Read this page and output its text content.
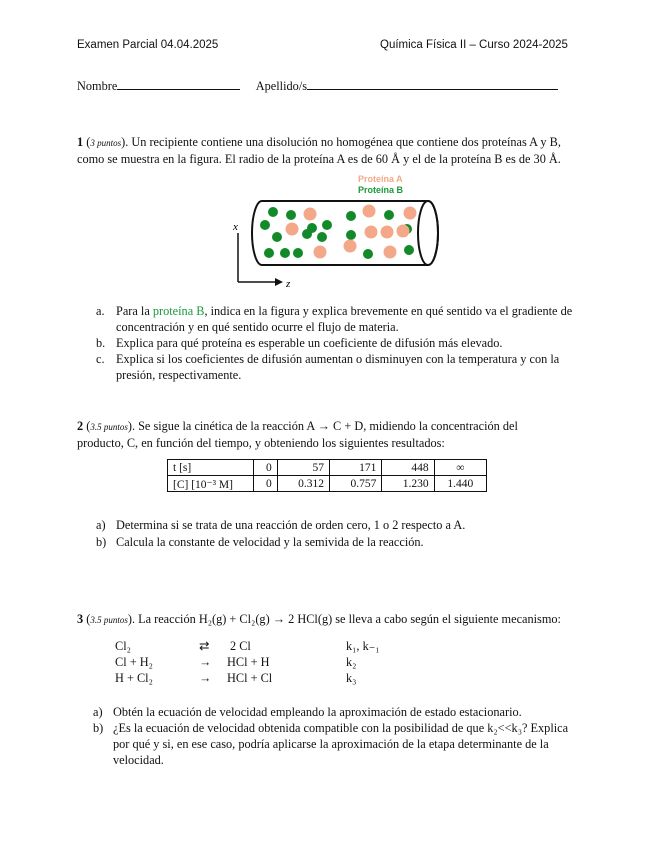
Examen Parcial 04.04.2025	Química Física II – Curso 2024-2025
Nombre	Apellido/s
1 (3 puntos). Un recipiente contiene una disolución no homogénea que contiene dos proteínas A y B,
como se muestra en la figura. El radio de la proteína A es de 60 Å y el de la proteína B es de 30 Å.
Proteína A
Proteína B
x
z
a. Para la proteína B, indica en la figura y explica brevemente en qué sentido va el gradiente de
concentración y en qué sentido ocurre el flujo de materia.
b. Explica para qué proteína es esperable un coeficiente de difusión más elevado.
c. Explica si los coeficientes de difusión aumentan o disminuyen con la temperatura y con la
presión, respectivamente.
2 (3.5 puntos). Se sigue la cinética de la reacción A → C + D, midiendo la concentración del
producto, C, en función del tiempo, y obteniendo los siguientes resultados:
t [s]	0	57	171	448	∞
[C] [10⁻³ M]	0	0.312	0.757	1.230	1.440
a) Determina si se trata de una reacción de orden cero, 1 o 2 respecto a A.
b) Calcula la constante de velocidad y la semivida de la reacción.
3 (3.5 puntos). La reacción H₂(g) + Cl₂(g) → 2 HCl(g) se lleva a cabo según el siguiente mecanismo:
Cl₂	⇄ 2 Cl	k₁, k₋₁
Cl + H₂	→ HCl + H	k₂
H + Cl₂	→ HCl + Cl	k₃
a) Obtén la ecuación de velocidad empleando la aproximación de estado estacionario.
b) ¿Es la ecuación de velocidad obtenida compatible con la posibilidad de que k₂<<k₃? Explica
por qué y si, en ese caso, podría aplicarse la aproximación de la etapa determinante de la
velocidad.
